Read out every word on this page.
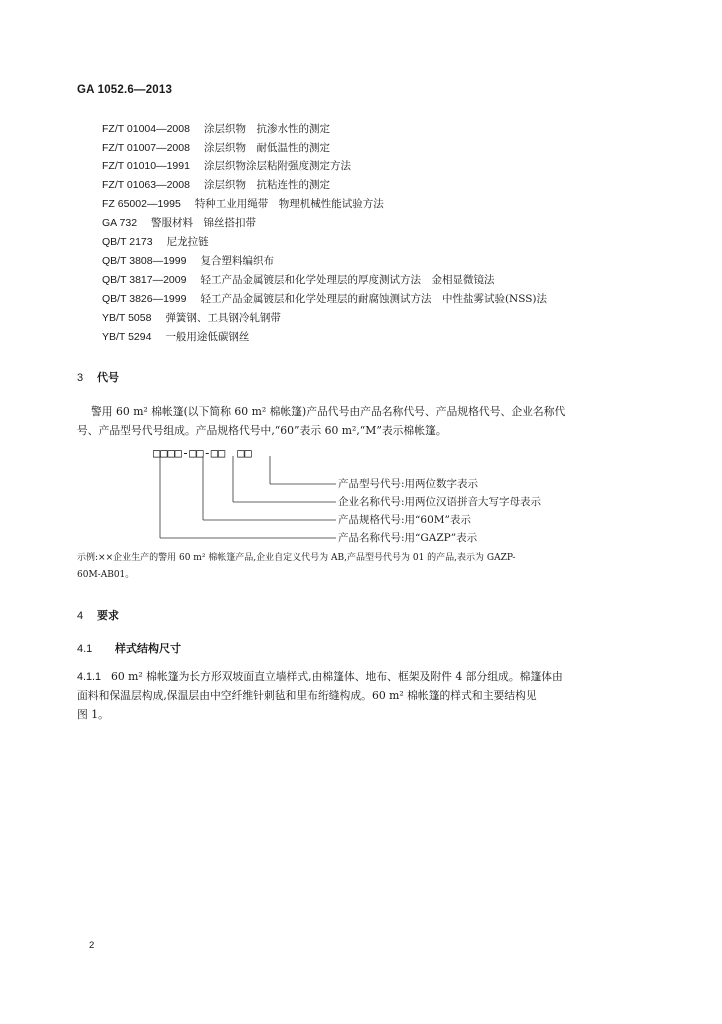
GA 1052.6—2013
FZ/T 01004—2008 涂层织物　抗渗水性的测定
FZ/T 01007—2008 涂层织物　耐低温性的测定
FZ/T 01010—1991 涂层织物涂层粘附强度测定方法
FZ/T 01063—2008 涂层织物　抗粘连性的测定
FZ 65002—1995 特种工业用绳带　物理机械性能试验方法
GA 732 警服材料　锦丝搭扣带
QB/T 2173 尼龙拉链
QB/T 3808—1999 复合塑料编织布
QB/T 3817—2009 轻工产品金属镀层和化学处理层的厚度测试方法　金相显微镜法
QB/T 3826—1999 轻工产品金属镀层和化学处理层的耐腐蚀测试方法　中性盐雾试验(NSS)法
YB/T 5058 弹簧钢、工具钢冷轧钢带
YB/T 5294 一般用途低碳钢丝
3 代号
警用 60 m² 棉帐篷(以下简称 60 m² 棉帐篷)产品代号由产品名称代号、产品规格代号、企业名称代
号、产品型号代号组成。产品规格代号中,“60”表示 60 m²,“M”表示棉帐篷。
□□□□-□□-□□　□□
产品型号代号:用两位数字表示
企业名称代号:用两位汉语拼音大写字母表示
产品规格代号:用“60M”表示
产品名称代号:用“GAZP”表示
示例:××企业生产的警用 60 m² 棉帐篷产品,企业自定义代号为 AB,产品型号代号为 01 的产品,表示为 GAZP-
60M-AB01。
4 要求
4.1 样式结构尺寸
4.1.1 60 m² 棉帐篷为长方形双坡面直立墙样式,由棉篷体、地布、框架及附件 4 部分组成。棉篷体由
面料和保温层构成,保温层由中空纤维针刺毡和里布绗缝构成。60 m² 棉帐篷的样式和主要结构见
图 1。
2
